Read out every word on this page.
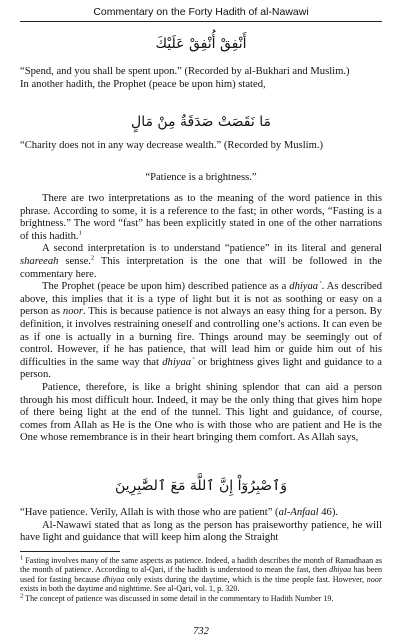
Commentary on the Forty Hadith of al-Nawawi
أَنْفِقْ أُنْفِقْ عَلَيْكَ

“Spend, and you shall be spent upon.” (Recorded by al-Bukhari and Muslim.)

In another hadith, the Prophet (peace be upon him) stated,

مَا نَقَصَتْ صَدَقَةٌ مِنْ مَالٍ
“Charity does not in any way decrease wealth.” (Recorded by Muslim.)
“Patience is a brightness.”

There are two interpretations as to the meaning of the word patience in this phrase. According to some, it is a reference to the fast; in other words, “Fasting is a brightness.” The word “fast” has been explicitly stated in one of the other narrations of this hadith.$^1$

A second interpretation is to understand “patience” in its literal and general shareeah sense.$^2$ This interpretation is the one that will be followed in the commentary here.

The Prophet (peace be upon him) described patience as a dhiyaa`. As described above, this implies that it is a type of light but it is not as soothing or easy on a person as noor. This is because patience is not always an easy thing for a person. By definition, it involves restraining oneself and controlling one’s actions. It can even be as if one is actually in a burning fire. Things around may be seemingly out of control. However, if he has patience, that will lead him or guide him out of his difficulties in the same way that dhiyaa` or brightness gives light and guidance to a person.

Patience, therefore, is like a bright shining splendor that can aid a person through his most difficult hour. Indeed, it may be the only thing that gives him hope of there being light at the end of the tunnel. This light and guidance, of course, comes from Allah as He is the One who is with those who are patient and He is the One whose remembrance is in their heart bringing them comfort. As Allah says,

وَٱصْبِرُوٓاْ إِنَّ ٱللَّهَ مَعَ ٱلصَّٰبِرِينَ

“Have patience. Verily, Allah is with those who are patient” (al-Anfaal 46).

Al-Nawawi stated that as long as the person has praiseworthy patience, he will have light and guidance that will keep him along the Straight

$^1$ Fasting involves many of the same aspects as patience. Indeed, a hadith describes the month of Ramadhaan as the month of patience. According to al-Qari, if the hadith is understood to mean the fast, then dhiyaa has been used for fasting because dhiyaa only exists during the daytime, which is the time people fast. However, noor exists in both the daytime and nighttime. See al-Qari, vol. 1, p. 320.

$^2$ The concept of patience was discussed in some detail in the commentary to Hadith Number 19.

732
